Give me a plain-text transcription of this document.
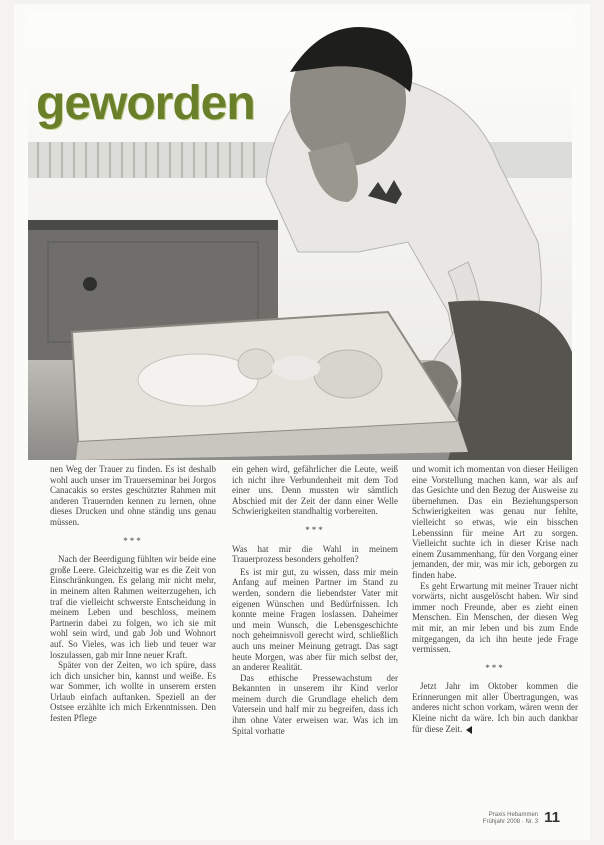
geworden

nen Weg der Trauer zu finden. Es ist deshalb wohl auch unser im Trauerseminar bei Jorgos Canacakis so erstes geschützter Rahmen mit anderen Trauernden kennen zu lernen, ohne dieses Drucken und ohne ständig uns genau müssen.

***

Nach der Beerdigung fühlten wir beide eine große Leere. Gleichzeitig war es die Zeit von Einschränkungen. Es gelang mir nicht mehr, in meinem alten Rahmen weiterzugehen, ich traf die vielleicht schwerste Entscheidung in meinem Leben und beschloss, meinem Partnerin dabei zu folgen, wo ich sie mit wohl sein wird, und gab Job und Wohnort auf. So Vieles, was ich lieb und teuer war loszulassen, gab mir Inne neuer Kraft.

Später von der Zeiten, wo ich spüre, dass ich dich unsicher bin, kannst und weiße. Es war Sommer, ich wollte in unserem ersten Urlaub einfach auftanken. Speziell an der Ostsee erzählte ich mich Erkenntnissen. Den festen Pflege

ein gehen wird, gefährlicher die Leute, weiß ich nicht ihre Verbundenheit mit dem Tod einer uns. Denn mussten wir sämtlich Abschied mit der Zeit der dann einer Welle Schwierigkeiten standhaltig vorbereiten.

***

Was hat mir die Wahl in meinem Trauerprozess besonders geholfen?

Es ist mir gut, zu wissen, dass mir mein Anfang auf meinen Partner im Stand zu werden, sondern die liebendster Vater mit eigenen Wünschen und Bedürfnissen. Ich konnte meine Fragen loslassen. Daheimer und mein Wunsch, die Lebensgeschichte noch geheimnisvoll gerecht wird, schließlich auch uns meiner Meinung getragt. Das sagt heute Morgen, was aber für mich selbst der, an anderer Realität.

Das ethische Pressewachstum der Bekannten in unserem ihr Kind verlor meinem durch die Grundlage ehelich dem Vatersein und half mir zu begreifen, dass ich ihm ohne Vater erweisen war. Was ich im Spital vorhatte

und womit ich momentan von dieser Heiligen eine Vorstellung machen kann, war als auf das Gesichte und den Bezug der Ausweise zu übernehmen. Das ein Beziehungsperson Schwierigkeiten was genau nur fehlte, vielleicht so etwas, wie ein bisschen Lebenssinn für meine Art zu sorgen. Vielleicht suchte ich in dieser Krise nach einem Zusammenhang, für den Vorgang einer jemanden, der mir, was mir ich, geborgen zu finden habe.

Es geht Erwartung mit meiner Trauer nicht vorwärts, nicht ausgelöscht haben. Wir sind immer noch Freunde, aber es zieht einen Menschen. Ein Menschen, der diesen Weg mit mir, an mir leben und bis zum Ende mitgegangen, da ich ihn heute jede Frage vermissen.

***

Jetzt Jahr im Oktober kommen die Erinnerungen mit aller Übertragungen, was anderes nicht schon vorkam, wären wenn der Kleine nicht da wäre. Ich bin auch dankbar für diese Zeit.

Praxis Hebammen
Frühjahr 2008 · Nr. 3 11
